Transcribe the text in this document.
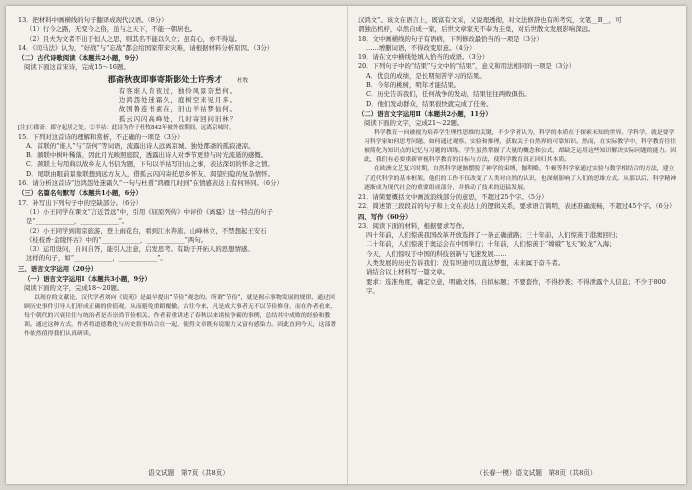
13．把材料中画横线的句子翻译成现代汉语。（8分）

（1）行今之路，无变今之俗，虽与之天下，不能一朝居也。

（2）且夫为文者不出于恒人之思，则其名不能以久立；虽有心，亦不得逞。

14．《司马法》认为，“好战”与“忘战”都会给国家带来灾难，请根据材料分析原因。（3分）

（二）古代诗歌阅读（本题共2小题，9分）

阅读下面这首宋诗，完成15～16题。

郡斋秋夜即事寄斯影处士许秀才	杜牧

有客谁人肯夜过，独怜风景奈愁何。

边鸿怨处迷霜久，庭树空来见月多。

故国鲁连书素在，旧山羊祜梦仙何。

孤云闪闪高峰处，几时寄回问旧林？

[注]①郡斋：郡守起居之处。②羊祜：此诗为作于杜牧842年被外放期间，远离京城时。

15．下列对这首诗的理解和赏析，不正确的一项是（3分）

A．首联的“谁人”与“奈何”等词语，流露出诗人远离京城、独处郡斋的孤寂凄凉。

B．颔联中树叶稀落，因此月光映照庭院，透露出诗人对季节更替与时光流逝的感慨。

C．颈联上句用典以故乡友人书信为题，下句以羊祜写旧山之事，表达深切的怀念之情。

D．尾联由眼前景象联想到远方友人，借孤云闪闪寄托思乡怀友、渴望归隐的复杂情怀。

16．请分析这首诗“边鸿怨处迷霜久”一句与杜甫“鸿雁几时到”在情感表达上有何异同。（6分）

（三）名篇名句默写（本题共1小题，6分）

17．补写出下列句子中的空缺部分。（6分）

（1）小王同学在课文“言近旨远”中，引用《屈原列传》中评价《离骚》这一特点的句子

是“____________，____________”。

（2）小王同学到南京旅游，登上雨花台，看到江水奔流、山峰林立，不禁想起王安石

《桂枝香·金陵怀古》中的“____________，____________”两句。

（3）运用设问，自问自答，能引人注意，启发思考。有助于开拓人的思想情感。

这样的句子，如“____________，____________”。

三、语言文字运用（20分）

（一）语言文字运用Ⅰ（本题共3小题，9分）

阅读下面的文字，完成18～20题。

以现存的文献论，汉代学者刘向《说苑》是最早提出“节俭”观念的。所谓“节俭”，就是揭示事物发展的规律，通过回顾历史事件引导人们形成正确的价值观，从而避免重蹈覆辙。古往今来，凡是成大事者无不以节俭修身，而在作者看来，每个朝代的兴衰往往与统治者是否崇尚节俭相关。作者着重讲述了春秋以来诸侯争霸的事例，总结其中成败的经验和教训。通过这种方式，作者将道德教化与历史叙事结合在一起，使得文章既有说服力又富有感染力。因此直到今天，这部著作依然值得我们认真研读。

语文试题　第7页（共8页）

汉鸿文”。该文在语言上，既富有文采，又说理透彻，对文法修辞也有所考究，文笔__B__，可

谓独出机杼，卓然自成一家，后世文章家无不奉为圭臬，对后世散文发展影响深远。

18．文中画横线的句子有语病，下列修改最恰当的一项是（3分）

……增删词语，不得改变原意。（4分）

19．请在文中横线处填入恰当的成语。（3分）

20．下列句子中的“结果”与文中的“结果”，意义和用法相同的一项是（3分）

A．优良的成绩，是长期刻苦学习的结果。

B．今年的桃树，明年才能结果。

C．历史告诉我们，任何战争的发动，结果往往两败俱伤。

D．他们发动群众，结果很快就完成了任务。

（二）语言文字运用Ⅱ（本题共2小题，11分）

阅读下面的文字，完成21～22题。

科学教育一向被视为培养学生理性思维的关键，不少学者认为，科学的本质在于探索未知的世界。学科学，就是要学习科学家如何思考问题、如何通过观察、实验和推理，获取关于自然界的可靠知识。然而，在实际教学中，科学教育往往被简化为知识点的记忆与习题的训练，学生虽然掌握了大量的概念和公式，却缺乏运用这些知识解决实际问题的能力。因此，我们有必要重新审视科学教育的目标与方法，使科学教育真正回归其本质。

在欧洲文艺复兴时期，自然科学逐渐摆脱了神学的束缚，伽利略、牛顿等科学家通过实验与数学相结合的方法，建立了近代科学的基本框架。他们的工作不仅改变了人类对自然的认识，也深刻影响了人们的思维方式。从那以后，科学精神逐渐成为现代社会的重要组成部分，并推动了技术的迅猛发展。

21．请简要概括文中画波浪线部分的意思，不超过25个字。（5分）

22．简述第三段段首的句子和上文在表达上的逻辑关系，要求语言简明，表述准确流畅，不超过45个字。（6分）

四、写作（60分）

23．阅读下面的材料，根据要求写作。

四十年前，人们惊羡我国改革开放选择了一条正确道路；三十年前，人们惊羡于港澳回归；

二十年前，人们惊羡于奥运会在中国举行；十年前，人们惊羡于“嫦娥”飞天“蛟龙”入海；

今天，人们惊叹于中国的科技创新与飞速发展……

人类发展的历史告诉我们：没有坦途可以直达梦想，未来属于奋斗者。

请结合以上材料写一篇文章。

要求：选准角度，确定立意，明确文体，自拟标题；不要套作，不得抄袭；不得泄露个人信息；不少于800字。

（长春一模）语文试题　第8页（共8页）
